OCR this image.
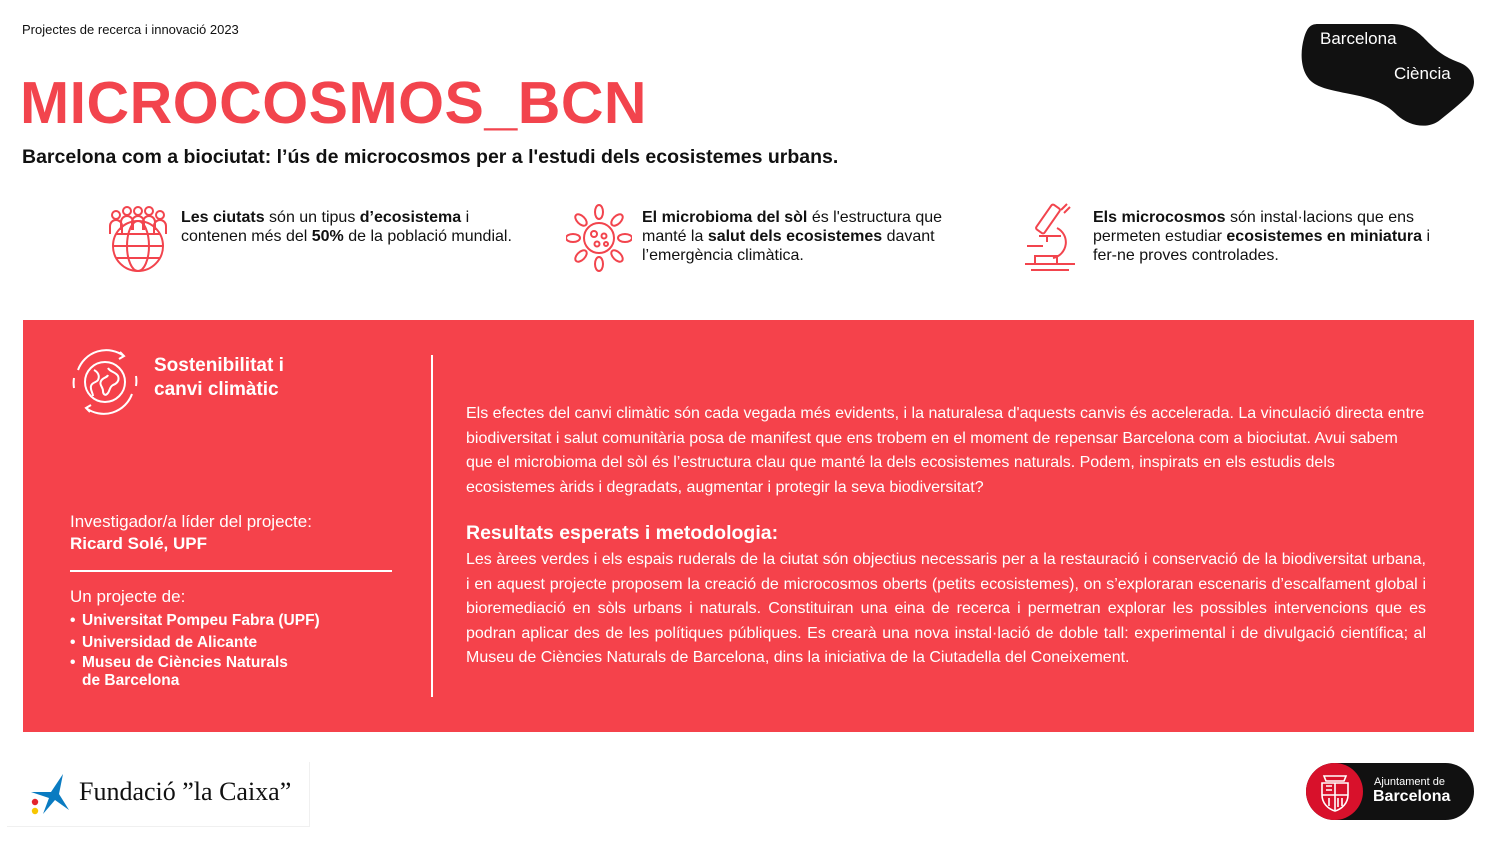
Projectes de recerca i innovació 2023	Barcelona
Ciència
MICROCOSMOS_BCN
Barcelona com a biociutat: l’ús de microcosmos per a l'estudi dels ecosistemes urbans.
Les ciutats són un tipus d’ecosistema i contenen més del 50% de la població mundial.
El microbioma del sòl és l'estructura que manté la salut dels ecosistemes davant l’emergència climàtica.
Els microcosmos són instal·lacions que ens permeten estudiar ecosistemes en miniatura i fer-ne proves controlades.
Sostenibilitat i
canvi climàtic
Investigador/a líder del projecte:
Ricard Solé, UPF
Un projecte de:
• Universitat Pompeu Fabra (UPF)
• Universidad de Alicante
• Museu de Ciències Naturals
de Barcelona
Els efectes del canvi climàtic són cada vegada més evidents, i la naturalesa d'aquests canvis és accelerada. La vinculació directa entre biodiversitat i salut comunitària posa de manifest que ens trobem en el moment de repensar Barcelona com a biociutat. Avui sabem que el microbioma del sòl és l’estructura clau que manté la dels ecosistemes naturals. Podem, inspirats en els estudis dels ecosistemes àrids i degradats, augmentar i protegir la seva biodiversitat?
Resultats esperats i metodologia:
Les àrees verdes i els espais ruderals de la ciutat són objectius necessaris per a la restauració i conservació de la biodiversitat urbana, i en aquest projecte proposem la creació de microcosmos oberts (petits ecosistemes), on s’exploraran escenaris d’escalfament global i bioremediació en sòls urbans i naturals. Constituiran una eina de recerca i permetran explorar les possibles intervencions que es podran aplicar des de les polítiques públiques. Es crearà una nova instal·lació de doble tall: experimental i de divulgació científica; al Museu de Ciències Naturals de Barcelona, dins la iniciativa de la Ciutadella del Coneixement.
Fundació ”la Caixa”	Ajuntament de
Barcelona
